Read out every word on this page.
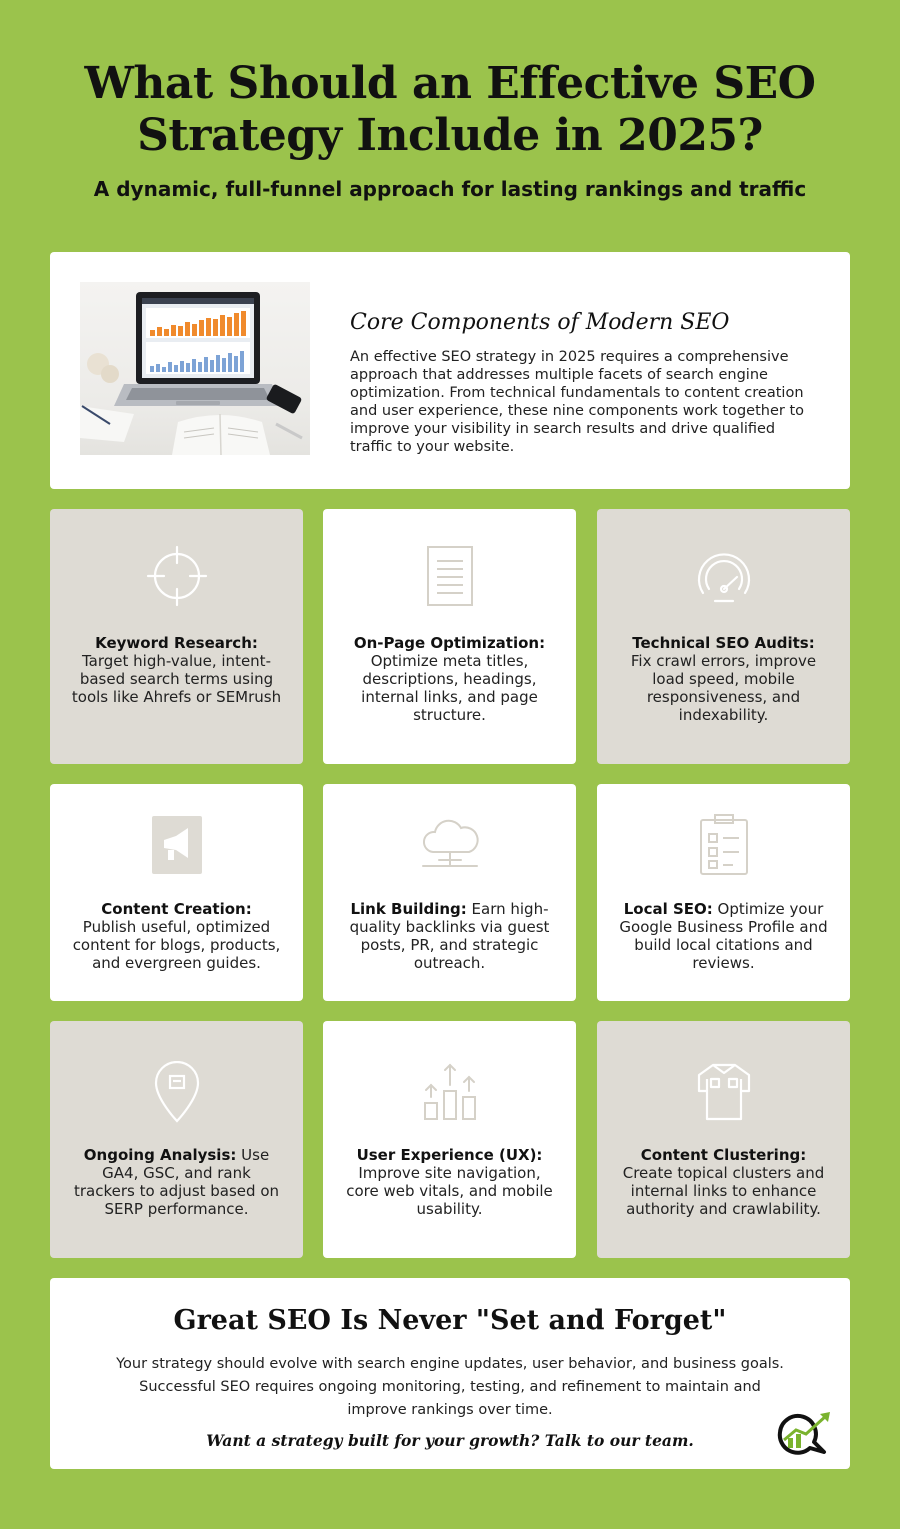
What Should an Effective SEO Strategy Include in 2025?

A dynamic, full-funnel approach for lasting rankings and traffic

Core Components of Modern SEO

An effective SEO strategy in 2025 requires a comprehensive approach that addresses multiple facets of search engine optimization. From technical fundamentals to content creation and user experience, these nine components work together to improve your visibility in search results and drive qualified traffic to your website.

Keyword Research:
Target high-value, intent-based search terms using tools like Ahrefs or SEMrush

On-Page Optimization: Optimize meta titles, descriptions, headings, internal links, and page structure.

Technical SEO Audits:
Fix crawl errors, improve load speed, mobile responsiveness, and indexability.

Content Creation:
Publish useful, optimized content for blogs, products, and evergreen guides.

Link Building: Earn high-quality backlinks via guest posts, PR, and strategic outreach.

Local SEO: Optimize your Google Business Profile and build local citations and reviews.

Ongoing Analysis: Use GA4, GSC, and rank trackers to adjust based on SERP performance.

User Experience (UX):
Improve site navigation, core web vitals, and mobile usability.

Content Clustering:
Create topical clusters and internal links to enhance authority and crawlability.

Great SEO Is Never "Set and Forget"

Your strategy should evolve with search engine updates, user behavior, and business goals. Successful SEO requires ongoing monitoring, testing, and refinement to maintain and improve rankings over time.

Want a strategy built for your growth? Talk to our team.
